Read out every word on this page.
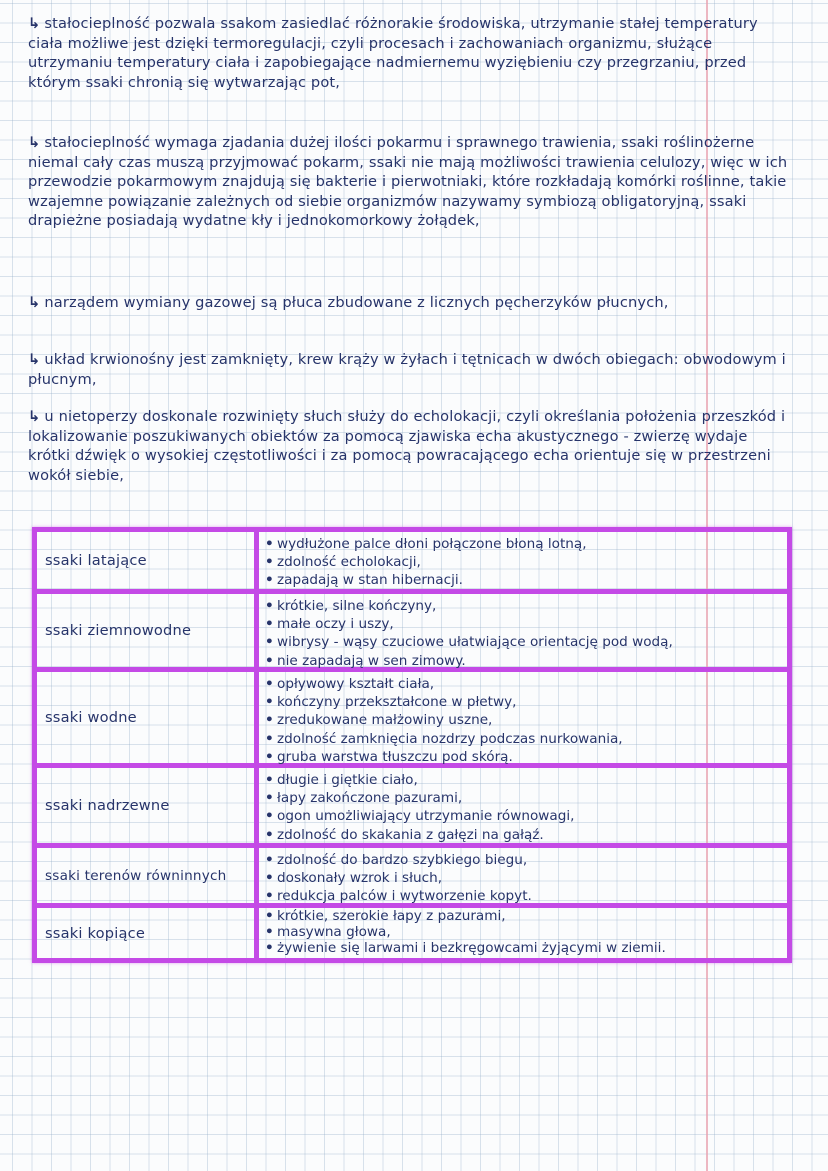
↳ stałocieplność pozwala ssakom zasiedlać różnorakie środowiska, utrzymanie stałej temperatury ciała możliwe jest dzięki termoregulacji, czyli procesach i zachowaniach organizmu, służące utrzymaniu temperatury ciała i zapobiegające nadmiernemu wyziębieniu czy przegrzaniu, przed którym ssaki chronią się wytwarzając pot,
↳ stałocieplność wymaga zjadania dużej ilości pokarmu i sprawnego trawienia, ssaki roślinożerne niemal cały czas muszą przyjmować pokarm, ssaki nie mają możliwości trawienia celulozy, więc w ich przewodzie pokarmowym znajdują się bakterie i pierwotniaki, które rozkładają komórki roślinne, takie wzajemne powiązanie zależnych od siebie organizmów nazywamy symbiozą obligatoryjną, ssaki drapieżne posiadają wydatne kły i jednokomorkowy żołądek,
↳ narządem wymiany gazowej są płuca zbudowane z licznych pęcherzyków płucnych,
↳ układ krwionośny jest zamknięty, krew krąży w żyłach i tętnicach w dwóch obiegach: obwodowym i płucnym,
↳ u nietoperzy doskonale rozwinięty słuch służy do echolokacji, czyli określania położenia przeszkód i lokalizowanie poszukiwanych obiektów za pomocą zjawiska echa akustycznego - zwierzę wydaje krótki dźwięk o wysokiej częstotliwości i za pomocą powracającego echa orientuje się w przestrzeni wokół siebie,
ssaki latające
• wydłużone palce dłoni połączone błoną lotną,
• zdolność echolokacji,
• zapadają w stan hibernacji.
ssaki ziemnowodne
• krótkie, silne kończyny,
• małe oczy i uszy,
• wibrysy - wąsy czuciowe ułatwiające orientację pod wodą,
• nie zapadają w sen zimowy.
ssaki wodne
• opływowy kształt ciała,
• kończyny przekształcone w płetwy,
• zredukowane małżowiny uszne,
• zdolność zamknięcia nozdrzy podczas nurkowania,
• gruba warstwa tłuszczu pod skórą.
ssaki nadrzewne
• długie i giętkie ciało,
• łapy zakończone pazurami,
• ogon umożliwiający utrzymanie równowagi,
• zdolność do skakania z gałęzi na gałąź.
ssaki terenów równinnych
• zdolność do bardzo szybkiego biegu,
• doskonały wzrok i słuch,
• redukcja palców i wytworzenie kopyt.
ssaki kopiące
• krótkie, szerokie łapy z pazurami,
• masywna głowa,
• żywienie się larwami i bezkręgowcami żyjącymi w ziemii.
